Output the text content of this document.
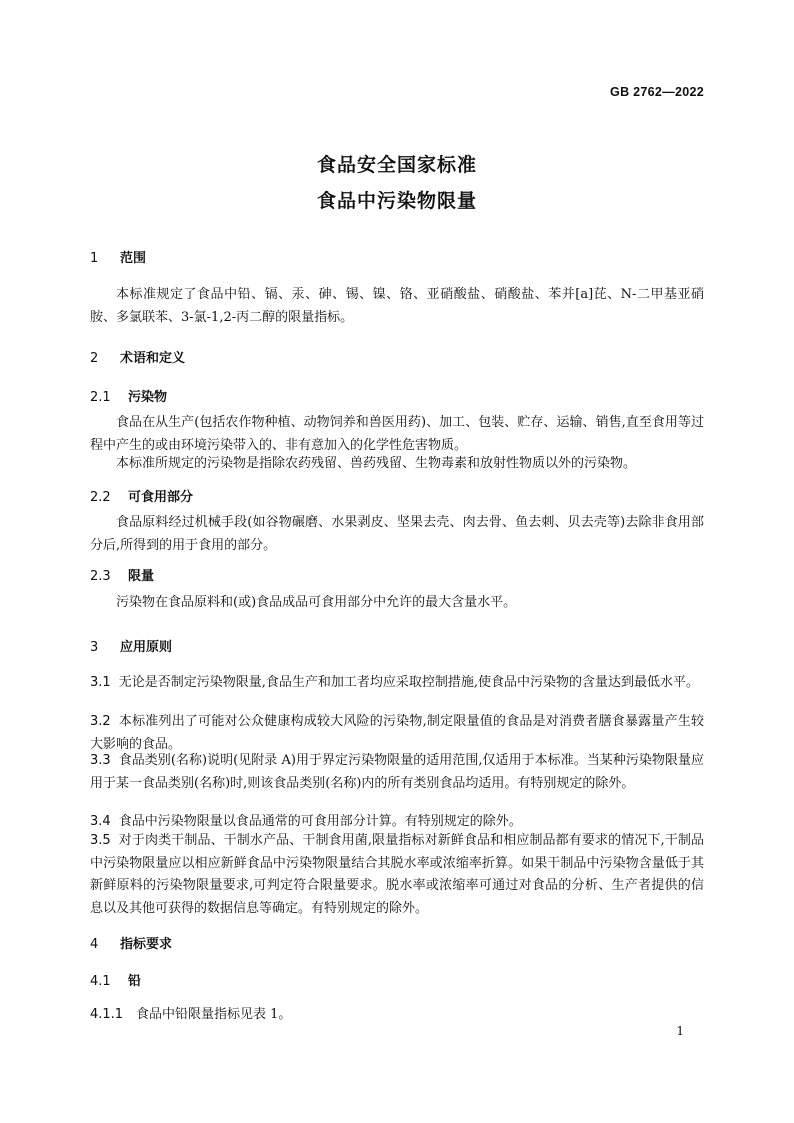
GB 2762—2022
食品安全国家标准
食品中污染物限量
1 范围
本标准规定了食品中铅、镉、汞、砷、锡、镍、铬、亚硝酸盐、硝酸盐、苯并[a]芘、N-二甲基亚硝胺、多氯联苯、3-氯-1,2-丙二醇的限量指标。
2 术语和定义
2.1 污染物
食品在从生产(包括农作物种植、动物饲养和兽医用药)、加工、包装、贮存、运输、销售,直至食用等过程中产生的或由环境污染带入的、非有意加入的化学性危害物质。
本标准所规定的污染物是指除农药残留、兽药残留、生物毒素和放射性物质以外的污染物。
2.2 可食用部分
食品原料经过机械手段(如谷物碾磨、水果剥皮、坚果去壳、肉去骨、鱼去刺、贝去壳等)去除非食用部分后,所得到的用于食用的部分。
2.3 限量
污染物在食品原料和(或)食品成品可食用部分中允许的最大含量水平。
3 应用原则
3.1 无论是否制定污染物限量,食品生产和加工者均应采取控制措施,使食品中污染物的含量达到最低水平。
3.2 本标准列出了可能对公众健康构成较大风险的污染物,制定限量值的食品是对消费者膳食暴露量产生较大影响的食品。
3.3 食品类别(名称)说明(见附录 A)用于界定污染物限量的适用范围,仅适用于本标准。当某种污染物限量应用于某一食品类别(名称)时,则该食品类别(名称)内的所有类别食品均适用。有特别规定的除外。
3.4 食品中污染物限量以食品通常的可食用部分计算。有特别规定的除外。
3.5 对于肉类干制品、干制水产品、干制食用菌,限量指标对新鲜食品和相应制品都有要求的情况下,干制品中污染物限量应以相应新鲜食品中污染物限量结合其脱水率或浓缩率折算。如果干制品中污染物含量低于其新鲜原料的污染物限量要求,可判定符合限量要求。脱水率或浓缩率可通过对食品的分析、生产者提供的信息以及其他可获得的数据信息等确定。有特别规定的除外。
4 指标要求
4.1 铅
4.1.1 食品中铅限量指标见表 1。
1
